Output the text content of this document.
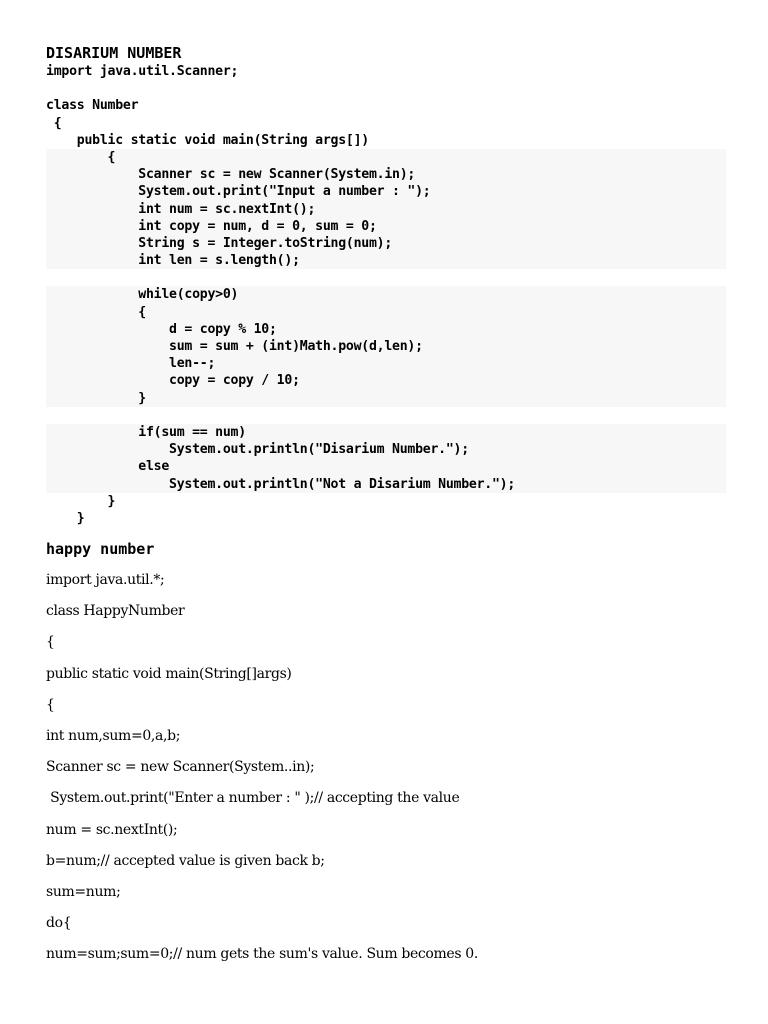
DISARIUM NUMBER
import java.util.Scanner;
class Number
{
public static void main(String args[])
{
Scanner sc = new Scanner(System.in);
System.out.print("Input a number : ");
int num = sc.nextInt();
int copy = num, d = 0, sum = 0;
String s = Integer.toString(num);
int len = s.length();
while(copy>0)
{
d = copy % 10;
sum = sum + (int)Math.pow(d,len);
len--;
copy = copy / 10;
}
if(sum == num)
System.out.println("Disarium Number.");
else
System.out.println("Not a Disarium Number.");
}
}
happy number
import java.util.*;
class HappyNumber
{
public static void main(String[]args)
{
int num,sum=0,a,b;
Scanner sc = new Scanner(System..in);
System.out.print("Enter a number : " );// accepting the value
num = sc.nextInt();
b=num;// accepted value is given back b;
sum=num;
do{
num=sum;sum=0;// num gets the sum's value. Sum becomes 0.
